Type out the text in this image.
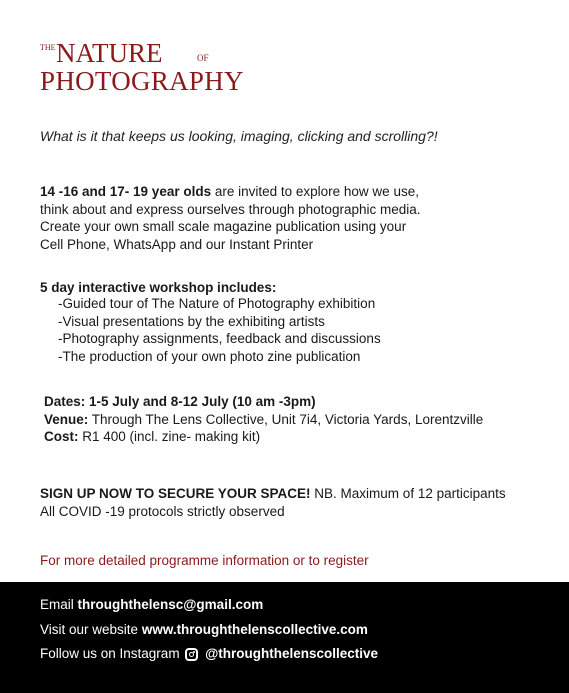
THE NATURE	OF
PHOTOGRAPHY
What is it that keeps us looking, imaging, clicking and scrolling?!
14 -16 and 17- 19 year olds are invited to explore how we use,
think about and express ourselves through photographic media.
Create your own small scale magazine publication using your
Cell Phone, WhatsApp and our Instant Printer
5 day interactive workshop includes:
-Guided tour of The Nature of Photography exhibition
-Visual presentations by the exhibiting artists
-Photography assignments, feedback and discussions
-The production of your own photo zine publication
Dates: 1-5 July and 8-12 July (10 am -3pm)
Venue: Through The Lens Collective, Unit 7i4, Victoria Yards, Lorentzville
Cost: R1 400 (incl. zine- making kit)
SIGN UP NOW TO SECURE YOUR SPACE! NB. Maximum of 12 participants
All COVID -19 protocols strictly observed
For more detailed programme information or to register
Email throughthelensc@gmail.com
Visit our website www.throughthelenscollective.com
Follow us on Instagram @throughthelenscollective
